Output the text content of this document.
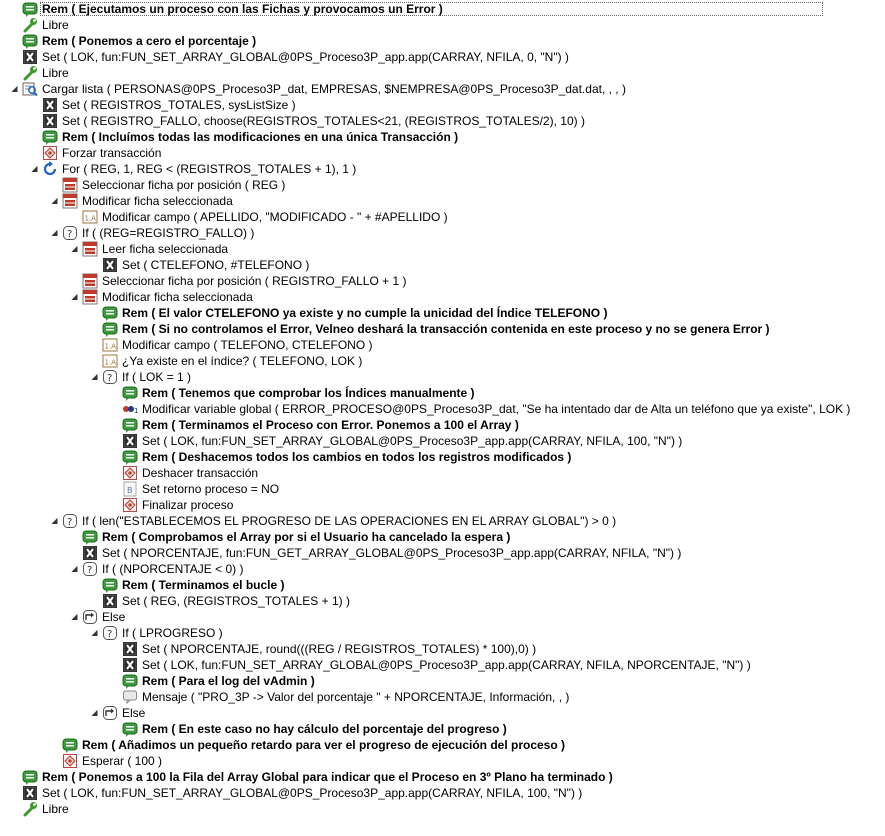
Rem ( Ejecutamos un proceso con las Fichas y provocamos un Error )
Libre
Rem ( Ponemos a cero el porcentaje )
Set ( LOK, fun:FUN_SET_ARRAY_GLOBAL@0PS_Proceso3P_app.app(CARRAY, NFILA, 0, "N") )
Libre
◢ Cargar lista ( PERSONAS@0PS_Proceso3P_dat, EMPRESAS, $NEMPRESA@0PS_Proceso3P_dat.dat, , , )
Set ( REGISTROS_TOTALES, sysListSize )
Set ( REGISTRO_FALLO, choose(REGISTROS_TOTALES<21, (REGISTROS_TOTALES/2), 10) )
Rem ( Incluímos todas las modificaciones en una única Transacción )
Forzar transacción
◢ For ( REG, 1, REG < (REGISTROS_TOTALES + 1), 1 )
Seleccionar ficha por posición ( REG )
◢ Modificar ficha seleccionada
1.A Modificar campo ( APELLIDO, "MODIFICADO - " + #APELLIDO )
◢ ? If ( (REG=REGISTRO_FALLO) )
◢ Leer ficha seleccionada
Set ( CTELEFONO, #TELEFONO )
Seleccionar ficha por posición ( REGISTRO_FALLO + 1 )
◢ Modificar ficha seleccionada
Rem ( El valor CTELEFONO ya existe y no cumple la unicidad del Índice TELEFONO )
Rem ( Si no controlamos el Error, Velneo deshará la transacción contenida en este proceso y no se genera Error )
1.A Modificar campo ( TELEFONO, CTELEFONO )
1.A ¿Ya existe en el índice? ( TELEFONO, LOK )
◢ ? If ( LOK = 1 )
Rem ( Tenemos que comprobar los Índices manualmente )
1 Modificar variable global ( ERROR_PROCESO@0PS_Proceso3P_dat, "Se ha intentado dar de Alta un teléfono que ya existe", LOK )
Rem ( Terminamos el Proceso con Error. Ponemos a 100 el Array )
Set ( LOK, fun:FUN_SET_ARRAY_GLOBAL@0PS_Proceso3P_app.app(CARRAY, NFILA, 100, "N") )
Rem ( Deshacemos todos los cambios en todos los registros modificados )
Deshacer transacción
B Set retorno proceso = NO
Finalizar proceso
◢ ? If ( len("ESTABLECEMOS EL PROGRESO DE LAS OPERACIONES EN EL ARRAY GLOBAL") > 0 )
Rem ( Comprobamos el Array por si el Usuario ha cancelado la espera )
Set ( NPORCENTAJE, fun:FUN_GET_ARRAY_GLOBAL@0PS_Proceso3P_app.app(CARRAY, NFILA, "N") )
◢ ? If ( (NPORCENTAJE < 0) )
Rem ( Terminamos el bucle )
Set ( REG, (REGISTROS_TOTALES + 1) )
◢ Else
◢ ? If ( LPROGRESO )
Set ( NPORCENTAJE, round(((REG / REGISTROS_TOTALES) * 100),0) )
Set ( LOK, fun:FUN_SET_ARRAY_GLOBAL@0PS_Proceso3P_app.app(CARRAY, NFILA, NPORCENTAJE, "N") )
Rem ( Para el log del vAdmin )
Mensaje ( "PRO_3P -> Valor del porcentaje " + NPORCENTAJE, Información, , )
◢ Else
Rem ( En este caso no hay cálculo del porcentaje del progreso )
Rem ( Añadimos un pequeño retardo para ver el progreso de ejecución del proceso )
Esperar ( 100 )
Rem ( Ponemos a 100 la Fila del Array Global para indicar que el Proceso en 3º Plano ha terminado )
Set ( LOK, fun:FUN_SET_ARRAY_GLOBAL@0PS_Proceso3P_app.app(CARRAY, NFILA, 100, "N") )
Libre
